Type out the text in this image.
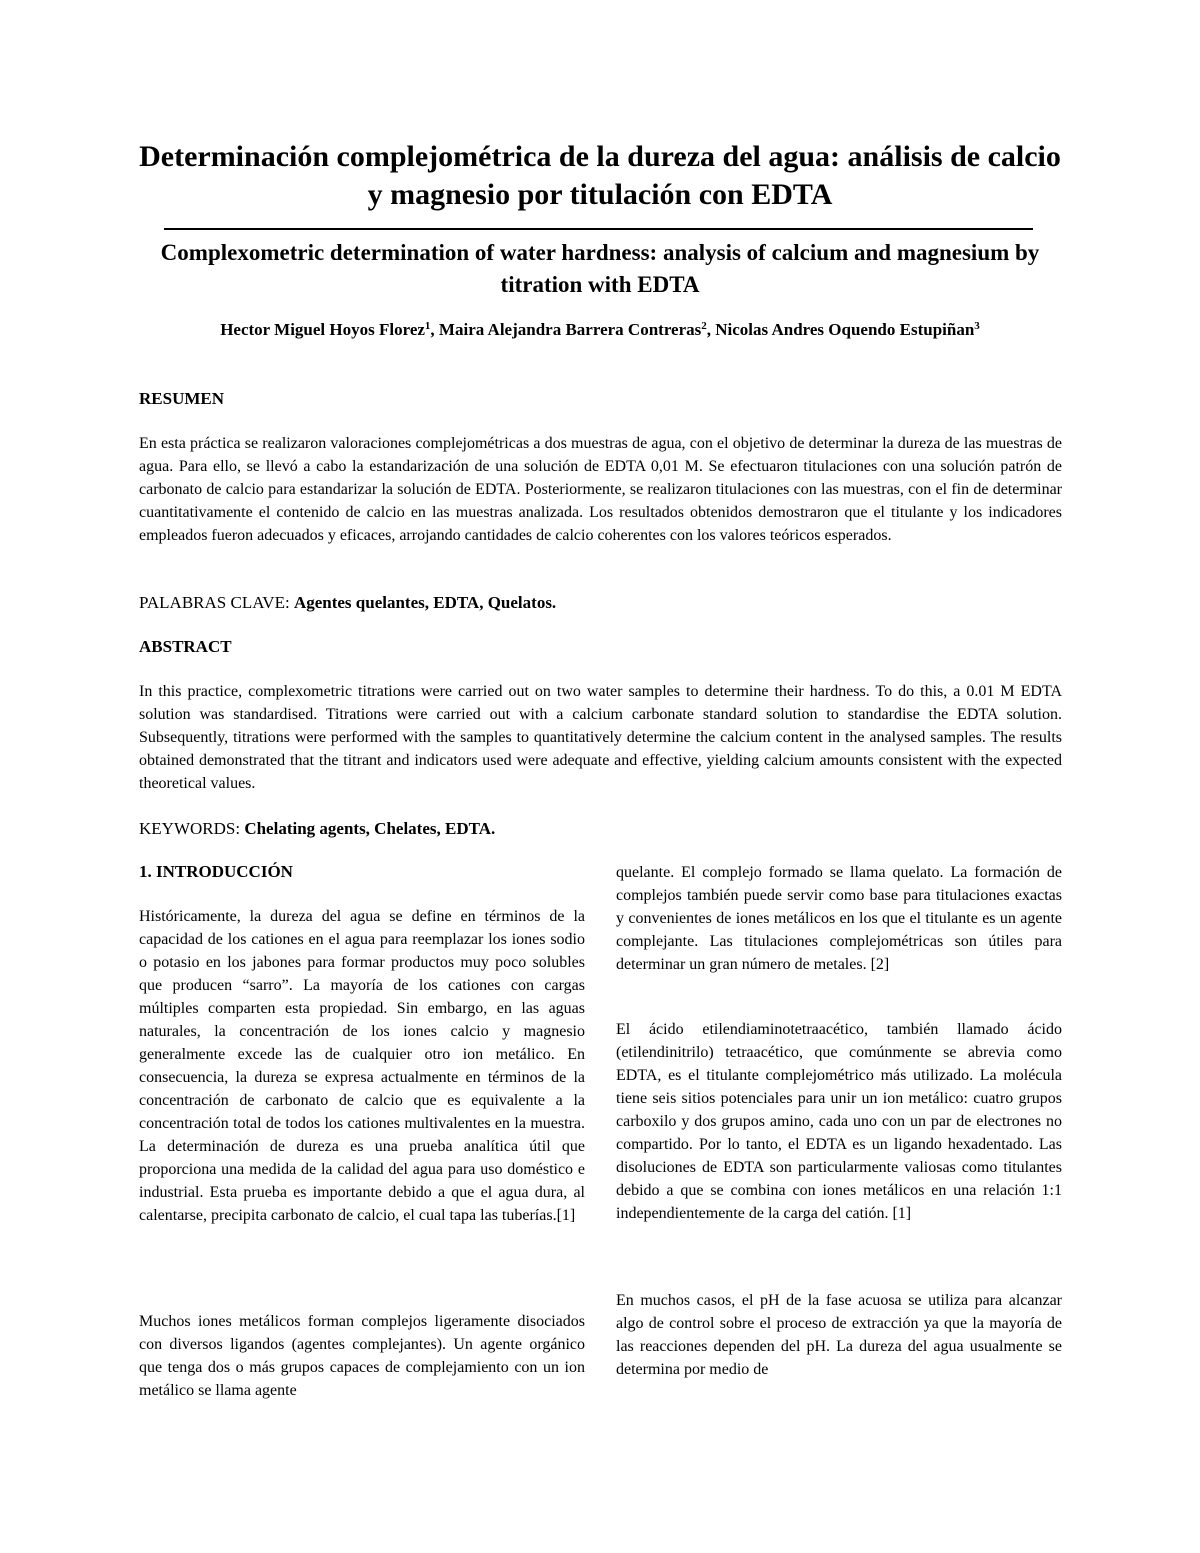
Determinación complejométrica de la dureza del agua: análisis de calcio y magnesio por titulación con EDTA
Complexometric determination of water hardness: analysis of calcium and magnesium by titration with EDTA

Hector Miguel Hoyos Florez$^1$, Maira Alejandra Barrera Contreras$^2$, Nicolas Andres Oquendo Estupiñan$^3$

RESUMEN

En esta práctica se realizaron valoraciones complejométricas a dos muestras de agua, con el objetivo de determinar la dureza de las muestras de agua. Para ello, se llevó a cabo la estandarización de una solución de EDTA 0,01 M. Se efectuaron titulaciones con una solución patrón de carbonato de calcio para estandarizar la solución de EDTA. Posteriormente, se realizaron titulaciones con las muestras, con el fin de determinar cuantitativamente el contenido de calcio en las muestras analizada. Los resultados obtenidos demostraron que el titulante y los indicadores empleados fueron adecuados y eficaces, arrojando cantidades de calcio coherentes con los valores teóricos esperados.

PALABRAS CLAVE: Agentes quelantes, EDTA, Quelatos.

ABSTRACT

In this practice, complexometric titrations were carried out on two water samples to determine their hardness. To do this, a 0.01 M EDTA solution was standardised. Titrations were carried out with a calcium carbonate standard solution to standardise the EDTA solution. Subsequently, titrations were performed with the samples to quantitatively determine the calcium content in the analysed samples. The results obtained demonstrated that the titrant and indicators used were adequate and effective, yielding calcium amounts consistent with the expected theoretical values.

KEYWORDS: Chelating agents, Chelates, EDTA.

1. INTRODUCCIÓN

Históricamente, la dureza del agua se define en términos de la capacidad de los cationes en el agua para reemplazar los iones sodio o potasio en los jabones para formar productos muy poco solubles que producen “sarro”. La mayoría de los cationes con cargas múltiples comparten esta propiedad. Sin embargo, en las aguas naturales, la concentración de los iones calcio y magnesio generalmente excede las de cualquier otro ion metálico. En consecuencia, la dureza se expresa actualmente en términos de la concentración de carbonato de calcio que es equivalente a la concentración total de todos los cationes multivalentes en la muestra. La determinación de dureza es una prueba analítica útil que proporciona una medida de la calidad del agua para uso doméstico e industrial. Esta prueba es importante debido a que el agua dura, al calentarse, precipita carbonato de calcio, el cual tapa las tuberías.[1]

Muchos iones metálicos forman complejos ligeramente disociados con diversos ligandos (agentes complejantes). Un agente orgánico que tenga dos o más grupos capaces de complejamiento con un ion metálico se llama agente

quelante. El complejo formado se llama quelato. La formación de complejos también puede servir como base para titulaciones exactas y convenientes de iones metálicos en los que el titulante es un agente complejante. Las titulaciones complejométricas son útiles para determinar un gran número de metales. [2]

El ácido etilendiaminotetraacético, también llamado ácido (etilendinitrilo) tetraacético, que comúnmente se abrevia como EDTA, es el titulante complejométrico más utilizado. La molécula tiene seis sitios potenciales para unir un ion metálico: cuatro grupos carboxilo y dos grupos amino, cada uno con un par de electrones no compartido. Por lo tanto, el EDTA es un ligando hexadentado. Las disoluciones de EDTA son particularmente valiosas como titulantes debido a que se combina con iones metálicos en una relación 1:1 independientemente de la carga del catión. [1]

En muchos casos, el pH de la fase acuosa se utiliza para alcanzar algo de control sobre el proceso de extracción ya que la mayoría de las reacciones dependen del pH. La dureza del agua usualmente se determina por medio de
